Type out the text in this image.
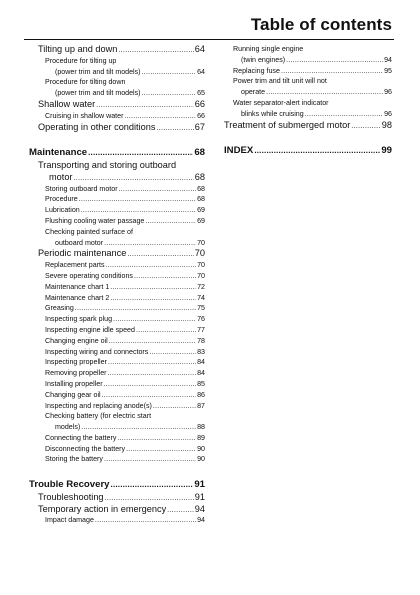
Table of contents
Tilting up and down .....	64
Procedure for tilting up
(power trim and tilt models) .....	64
Procedure for tilting down
(power trim and tilt models) .....	65
Shallow water .....	66
Cruising in shallow water .....	66
Operating in other conditions .....	67
Maintenance .....	68
Transporting and storing outboard
motor .....	68
Storing outboard motor .....	68
Procedure .....	68
Lubrication .....	69
Flushing cooling water passage .....	69
Checking painted surface of
outboard motor .....	70
Periodic maintenance .....	70
Replacement parts .....	70
Severe operating conditions .....	70
Maintenance chart 1 .....	72
Maintenance chart 2 .....	74
Greasing .....	75
Inspecting spark plug .....	76
Inspecting engine idle speed .....	77
Changing engine oil .....	78
Inspecting wiring and connectors .....	83
Inspecting propeller .....	84
Removing propeller .....	84
Installing propeller .....	85
Changing gear oil .....	86
Inspecting and replacing anode(s) .....	87
Checking battery (for electric start
models) .....	88
Connecting the battery .....	89
Disconnecting the battery .....	90
Storing the battery .....	90
Trouble Recovery .....	91
Troubleshooting .....	91
Temporary action in emergency .....	94
Impact damage .....	94
Running single engine
(twin engines) .....	94
Replacing fuse .....	95
Power trim and tilt unit will not
operate .....	96
Water separator-alert indicator
blinks while cruising .....	96
Treatment of submerged motor .....	98
INDEX .....	99
